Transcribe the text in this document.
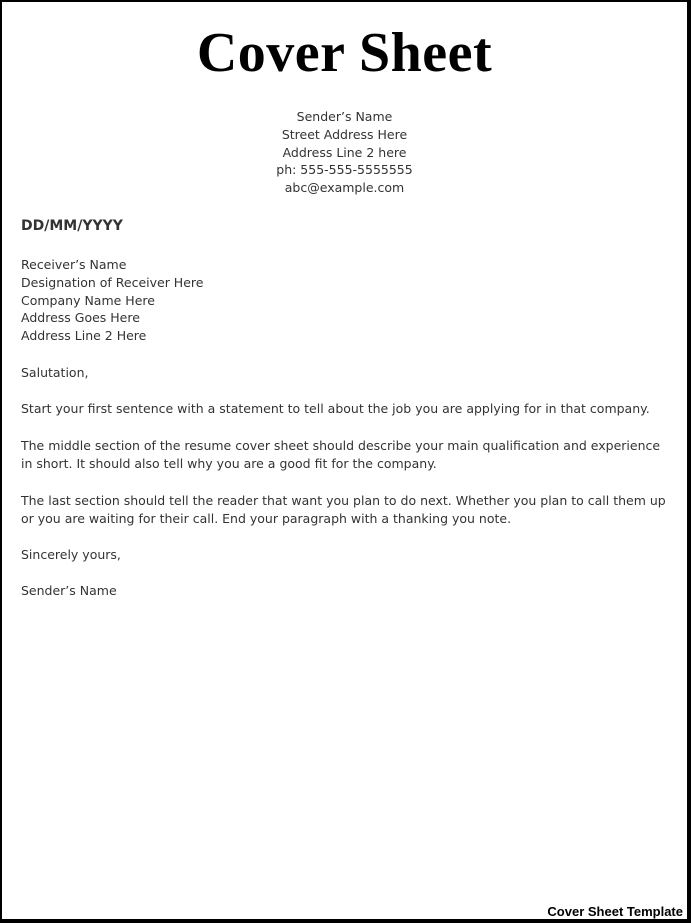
Cover Sheet
Sender’s Name
Street Address Here
Address Line 2 here
ph: 555-555-5555555
abc@example.com
DD/MM/YYYY
Receiver’s Name
Designation of Receiver Here
Company Name Here
Address Goes Here
Address Line 2 Here
Salutation,
Start your first sentence with a statement to tell about the job you are applying for in that company.
The middle section of the resume cover sheet should describe your main qualification and experience in short. It should also tell why you are a good fit for the company.
The last section should tell the reader that want you plan to do next. Whether you plan to call them up or you are waiting for their call. End your paragraph with a thanking you note.
Sincerely yours,
Sender’s Name
Cover Sheet Template
